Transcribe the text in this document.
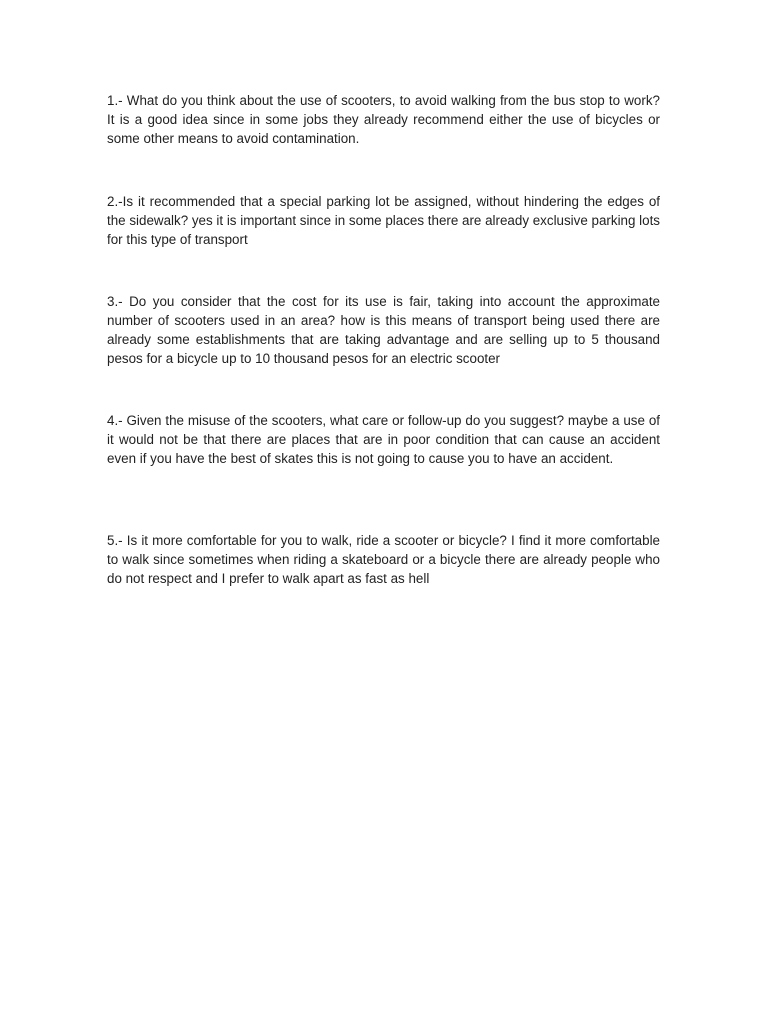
1.- What do you think about the use of scooters, to avoid walking from the bus stop to work? It is a good idea since in some jobs they already recommend either the use of bicycles or some other means to avoid contamination.

2.-Is it recommended that a special parking lot be assigned, without hindering the edges of the sidewalk? yes it is important since in some places there are already exclusive parking lots for this type of transport

3.- Do you consider that the cost for its use is fair, taking into account the approximate number of scooters used in an area? how is this means of transport being used there are already some establishments that are taking advantage and are selling up to 5 thousand pesos for a bicycle up to 10 thousand pesos for an electric scooter

4.- Given the misuse of the scooters, what care or follow-up do you suggest? maybe a use of it would not be that there are places that are in poor condition that can cause an accident even if you have the best of skates this is not going to cause you to have an accident.

5.- Is it more comfortable for you to walk, ride a scooter or bicycle? I find it more comfortable to walk since sometimes when riding a skateboard or a bicycle there are already people who do not respect and I prefer to walk apart as fast as hell
